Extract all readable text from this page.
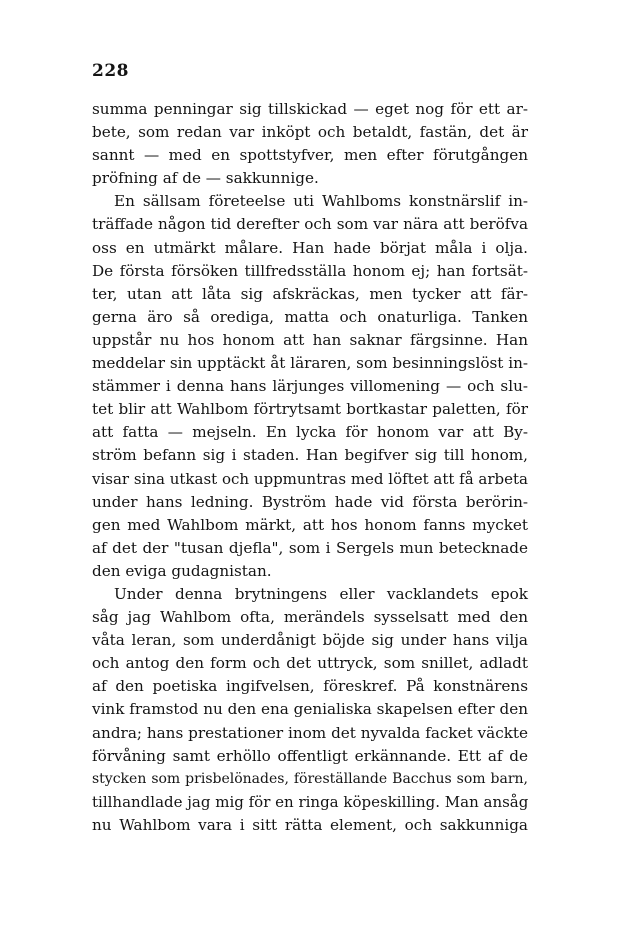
228
summa penningar sig tillskickad — eget nog för ett ar-
bete, som redan var inköpt och betaldt, fastän, det är
sannt — med en spottstyfver, men efter förutgången
pröfning af de — sakkunnige.
En sällsam företeelse uti Wahlboms konstnärslif in-
träffade någon tid derefter och som var nära att beröfva
oss en utmärkt målare. Han hade börjat måla i olja.
De första försöken tillfredsställa honom ej; han fortsät-
ter, utan att låta sig afskräckas, men tycker att fär-
gerna äro så orediga, matta och onaturliga. Tanken
uppstår nu hos honom att han saknar färgsinne. Han
meddelar sin upptäckt åt läraren, som besinningslöst in-
stämmer i denna hans lärjunges villomening — och slu-
tet blir att Wahlbom förtrytsamt bortkastar paletten, för
att fatta — mejseln. En lycka för honom var att By-
ström befann sig i staden. Han begifver sig till honom,
visar sina utkast och uppmuntras med löftet att få arbeta
under hans ledning. Byström hade vid första berörin-
gen med Wahlbom märkt, att hos honom fanns mycket
af det der "tusan djefla", som i Sergels mun betecknade
den eviga gudagnistan.
Under denna brytningens eller vacklandets epok
såg jag Wahlbom ofta, merändels sysselsatt med den
våta leran, som underdånigt böjde sig under hans vilja
och antog den form och det uttryck, som snillet, adladt
af den poetiska ingifvelsen, föreskref. På konstnärens
vink framstod nu den ena genialiska skapelsen efter den
andra; hans prestationer inom det nyvalda facket väckte
förvåning samt erhöllo offentligt erkännande. Ett af de
stycken som prisbelönades, föreställande Bacchus som barn,
tillhandlade jag mig för en ringa köpeskilling. Man ansåg
nu Wahlbom vara i sitt rätta element, och sakkunniga
